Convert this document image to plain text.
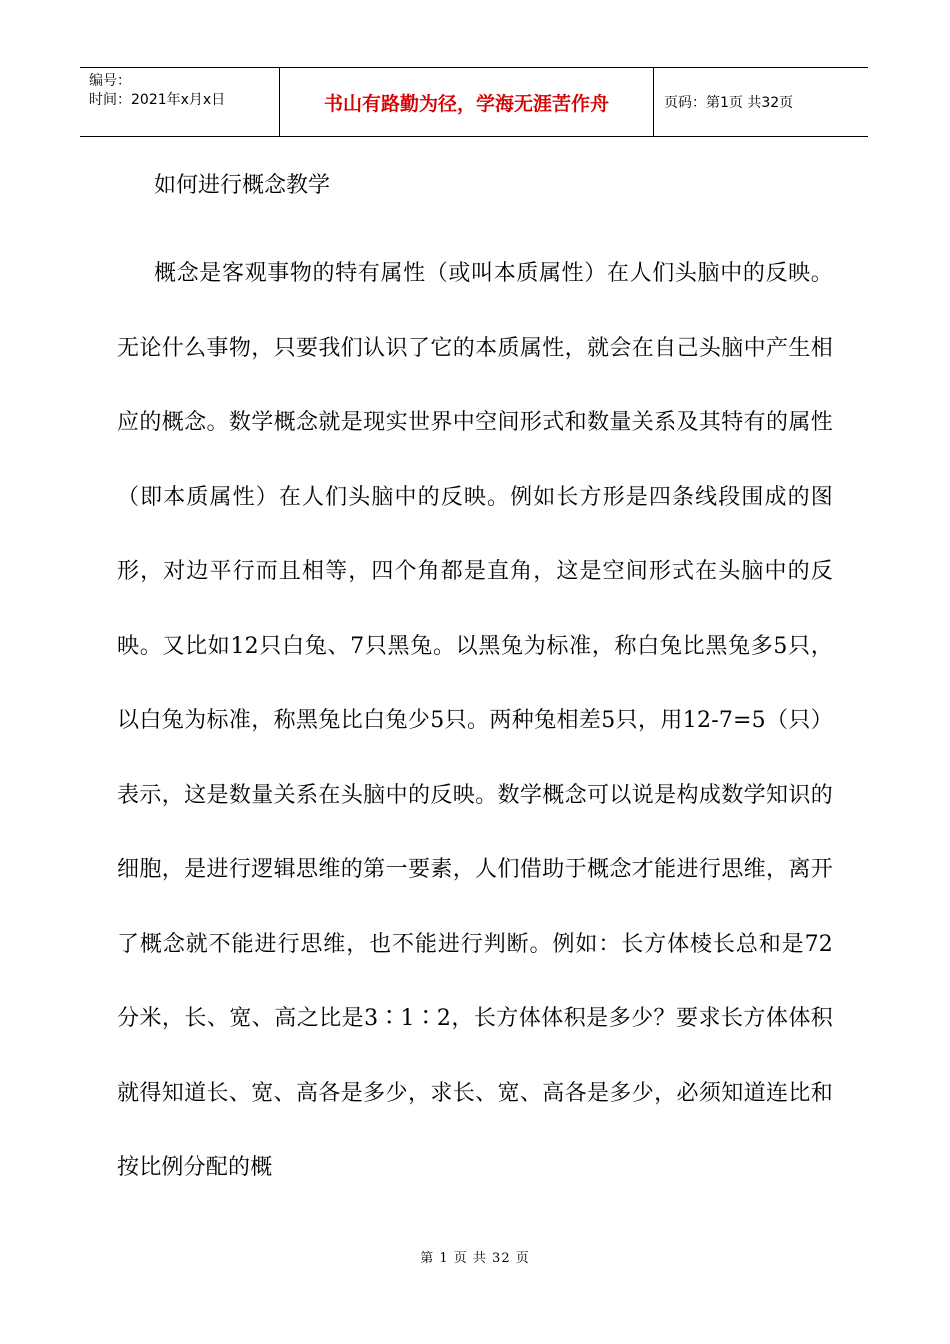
编号：
时间：2021年x月x日	书山有路勤为径，学海无涯苦作舟	页码：第1页 共32页
如何进行概念教学

概念是客观事物的特有属性（或叫本质属性）在人们头脑中的反映。无论什么事物，只要我们认识了它的本质属性，就会在自己头脑中产生相应的概念。数学概念就是现实世界中空间形式和数量关系及其特有的属性（即本质属性）在人们头脑中的反映。例如长方形是四条线段围成的图形，对边平行而且相等，四个角都是直角，这是空间形式在头脑中的反映。又比如12只白兔、7只黑兔。以黑兔为标准，称白兔比黑兔多5只，以白兔为标准，称黑兔比白兔少5只。两种兔相差5只，用12-7=5（只）表示，这是数量关系在头脑中的反映。数学概念可以说是构成数学知识的细胞，是进行逻辑思维的第一要素，人们借助于概念才能进行思维，离开了概念就不能进行思维，也不能进行判断。例如：长方体棱长总和是72分米，长、宽、高之比是3∶1∶2，长方体体积是多少？要求长方体体积就得知道长、宽、高各是多少，求长、宽、高各是多少，必须知道连比和按比例分配的概

第 1 页 共 32 页
